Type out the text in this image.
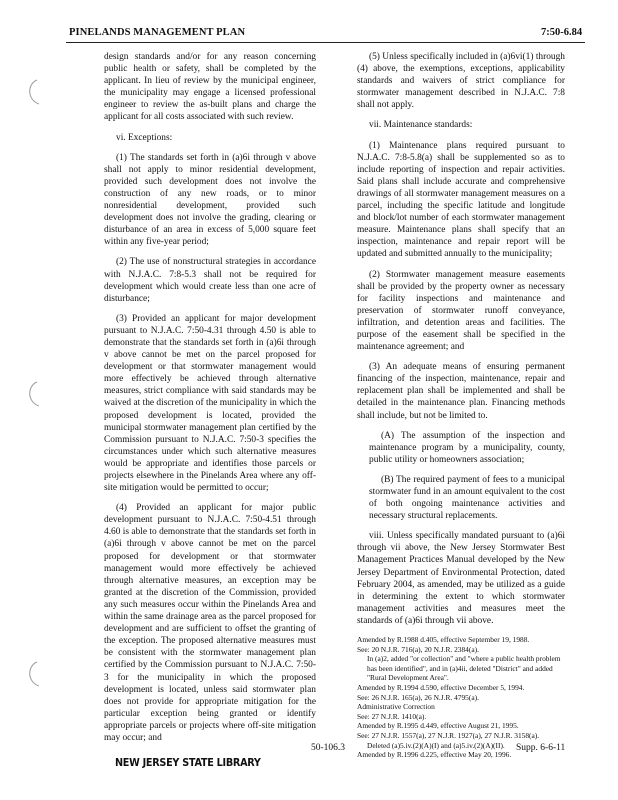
PINELANDS MANAGEMENT PLAN	7:50-6.84

design standards and/or for any reason concerning public health or safety, shall be completed by the applicant. In lieu of review by the municipal engineer, the municipality may engage a licensed professional engineer to review the as-built plans and charge the applicant for all costs associated with such review.

vi. Exceptions:

(1) The standards set forth in (a)6i through v above shall not apply to minor residential development, provided such development does not involve the construction of any new roads, or to minor nonresidential development, provided such development does not involve the grading, clearing or disturbance of an area in excess of 5,000 square feet within any five-year period;

(2) The use of nonstructural strategies in accordance with N.J.A.C. 7:8-5.3 shall not be required for development which would create less than one acre of disturbance;

(3) Provided an applicant for major development pursuant to N.J.A.C. 7:50-4.31 through 4.50 is able to demonstrate that the standards set forth in (a)6i through v above cannot be met on the parcel proposed for development or that stormwater management would more effectively be achieved through alternative measures, strict compliance with said standards may be waived at the discretion of the municipality in which the proposed development is located, provided the municipal stormwater management plan certified by the Commission pursuant to N.J.A.C. 7:50-3 specifies the circumstances under which such alternative measures would be appropriate and identifies those parcels or projects elsewhere in the Pinelands Area where any off-site mitigation would be permitted to occur;

(4) Provided an applicant for major public development pursuant to N.J.A.C. 7:50-4.51 through 4.60 is able to demonstrate that the standards set forth in (a)6i through v above cannot be met on the parcel proposed for development or that stormwater management would more effectively be achieved through alternative measures, an exception may be granted at the discretion of the Commission, provided any such measures occur within the Pinelands Area and within the same drainage area as the parcel proposed for development and are sufficient to offset the granting of the exception. The proposed alternative measures must be consistent with the stormwater management plan certified by the Commission pursuant to N.J.A.C. 7:50-3 for the municipality in which the proposed development is located, unless said stormwater plan does not provide for appropriate mitigation for the particular exception being granted or identify appropriate parcels or projects where off-site mitigation may occur; and

(5) Unless specifically included in (a)6vi(1) through (4) above, the exemptions, exceptions, applicability standards and waivers of strict compliance for stormwater management described in N.J.A.C. 7:8 shall not apply.

vii. Maintenance standards:

(1) Maintenance plans required pursuant to N.J.A.C. 7:8-5.8(a) shall be supplemented so as to include reporting of inspection and repair activities. Said plans shall include accurate and comprehensive drawings of all stormwater management measures on a parcel, including the specific latitude and longitude and block/lot number of each stormwater management measure. Maintenance plans shall specify that an inspection, maintenance and repair report will be updated and submitted annually to the municipality;

(2) Stormwater management measure easements shall be provided by the property owner as necessary for facility inspections and maintenance and preservation of stormwater runoff conveyance, infiltration, and detention areas and facilities. The purpose of the easement shall be specified in the maintenance agreement; and

(3) An adequate means of ensuring permanent financing of the inspection, maintenance, repair and replacement plan shall be implemented and shall be detailed in the maintenance plan. Financing methods shall include, but not be limited to.

(A) The assumption of the inspection and maintenance program by a municipality, county, public utility or homeowners association;

(B) The required payment of fees to a municipal stormwater fund in an amount equivalent to the cost of both ongoing maintenance activities and necessary structural replacements.

viii. Unless specifically mandated pursuant to (a)6i through vii above, the New Jersey Stormwater Best Management Practices Manual developed by the New Jersey Department of Environmental Protection, dated February 2004, as amended, may be utilized as a guide in determining the extent to which stormwater management activities and measures meet the standards of (a)6i through vii above.

Amended by R.1988 d.405, effective September 19, 1988.
See: 20 N.J.R. 716(a), 20 N.J.R. 2384(a).
In (a)2, added "or collection" and "where a public health problem has been identified", and in (a)4ii, deleted "District" and added "Rural Development Area".
Amended by R.1994 d.590, effective December 5, 1994.
See: 26 N.J.R. 165(a), 26 N.J.R. 4795(a).
Administrative Correction
See: 27 N.J.R. 1410(a).
Amended by R.1995 d.449, effective August 21, 1995.
See: 27 N.J.R. 1557(a), 27 N.J.R. 1927(a), 27 N.J.R. 3158(a).
Deleted (a)5.iv.(2)(A)(I) and (a)5.iv.(2)(A)(II).
Amended by R.1996 d.225, effective May 20, 1996.
50-106.3	Supp. 6-6-11
NEW JERSEY STATE LIBRARY
